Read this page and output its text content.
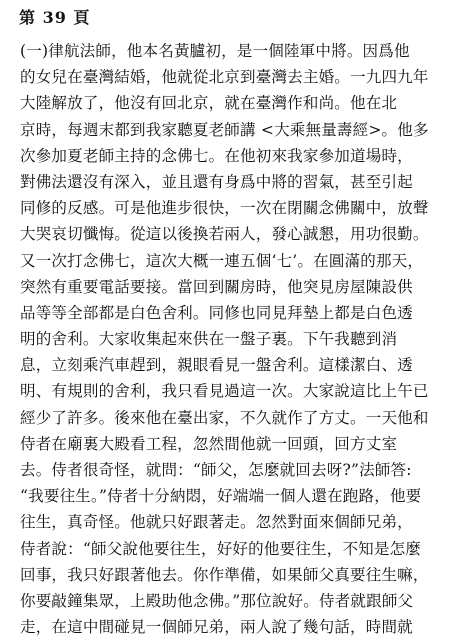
第 39 頁
(一)律航法師，他本名黃臚初，是一個陸軍中將。因爲他
的女兒在臺灣結婚，他就從北京到臺灣去主婚。一九四九年
大陸解放了，他沒有回北京，就在臺灣作和尚。他在北
京時，每週末都到我家聽夏老師講 <大乘無量壽經>。他多
次參加夏老師主持的念佛七。在他初來我家參加道場時，
對佛法還沒有深入，並且還有身爲中將的習氣，甚至引起
同修的反感。可是他進步很快，一次在閉關念佛關中，放聲
大哭哀切懺悔。從這以後換若兩人，發心誠懇，用功很勤。
又一次打念佛七，這次大概一連五個‘七’。在圓滿的那天，
突然有重要電話要接。當回到關房時，他突見房屋陳設供
品等等全部都是白色舍利。同修也同見拜墊上都是白色透
明的舍利。大家收集起來供在一盤子裏。下午我聽到消
息，立刻乘汽車趕到，親眼看見一盤舍利。這樣潔白、透
明、有規則的舍利，我只看見過這一次。大家說這比上午已
經少了許多。後來他在臺出家，不久就作了方丈。一天他和
侍者在廟裏大殿看工程，忽然間他就一回頭，回方丈室
去。侍者很奇怪，就問：“師父，怎麼就回去呀?”法師答:
“我要往生。”侍者十分納悶，好端端一個人還在跑路，他要
往生，真奇怪。他就只好跟著走。忽然對面來個師兄弟，
侍者說：“師父說他要往生，好好的他要往生，不知是怎麼
回事，我只好跟著他去。你作準備，如果師父真要往生嘛，
你要敲鐘集眾，上殿助他念佛。”那位說好。侍者就跟師父
走，在這中間碰見一個師兄弟，兩人說了幾句話，時間就
